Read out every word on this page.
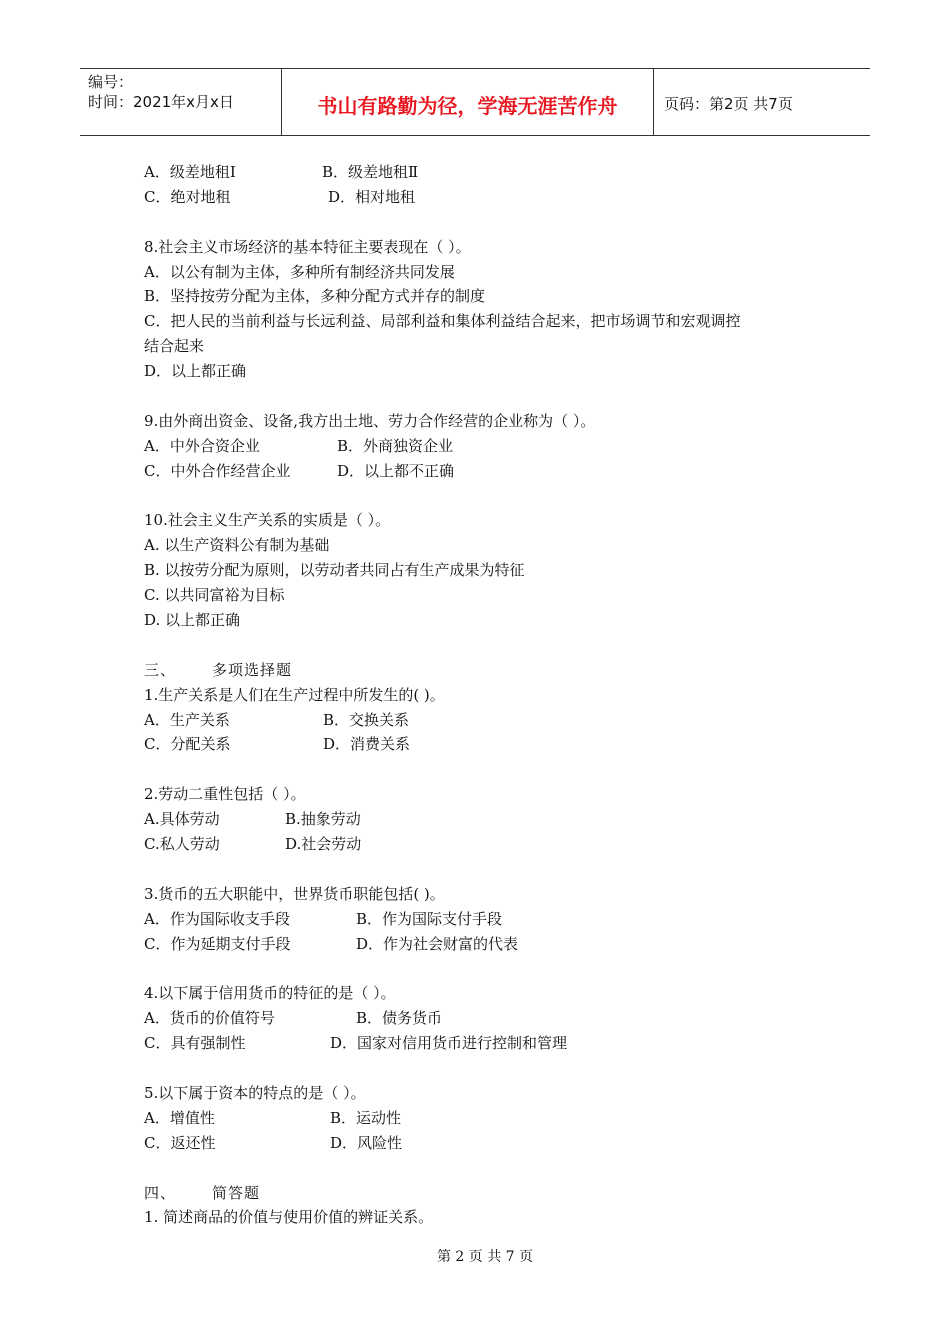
编号：
时间：2021年x月x日	书山有路勤为径，学海无涯苦作舟	页码：第2页 共7页
A．级差地租Ⅰ	B．级差地租Ⅱ
C．绝对地租	D．相对地租
8.社会主义市场经济的基本特征主要表现在（ ）。
A．以公有制为主体，多种所有制经济共同发展
B．坚持按劳分配为主体，多种分配方式并存的制度
C．把人民的当前利益与长远利益、局部利益和集体利益结合起来，把市场调节和宏观调控
结合起来
D．以上都正确
9.由外商出资金、设备,我方出土地、劳力合作经营的企业称为（ ）。
A．中外合资企业	B．外商独资企业
C．中外合作经营企业	D．以上都不正确
10.社会主义生产关系的实质是（ ）。
A. 以生产资料公有制为基础
B. 以按劳分配为原则，以劳动者共同占有生产成果为特征
C. 以共同富裕为目标
D. 以上都正确
三、 多项选择题
1.生产关系是人们在生产过程中所发生的( )。
A．生产关系	B．交换关系
C．分配关系	D．消费关系
2.劳动二重性包括（ ）。
A.具体劳动	B.抽象劳动
C.私人劳动	D.社会劳动
3.货币的五大职能中，世界货币职能包括( )。
A．作为国际收支手段	B．作为国际支付手段
C．作为延期支付手段	D．作为社会财富的代表
4.以下属于信用货币的特征的是（ ）。
A．货币的价值符号	B．债务货币
C．具有强制性	D．国家对信用货币进行控制和管理
5.以下属于资本的特点的是（ ）。
A．增值性	B．运动性
C．返还性	D．风险性
四、 简答题
1. 简述商品的价值与使用价值的辨证关系。
第 2 页 共 7 页
